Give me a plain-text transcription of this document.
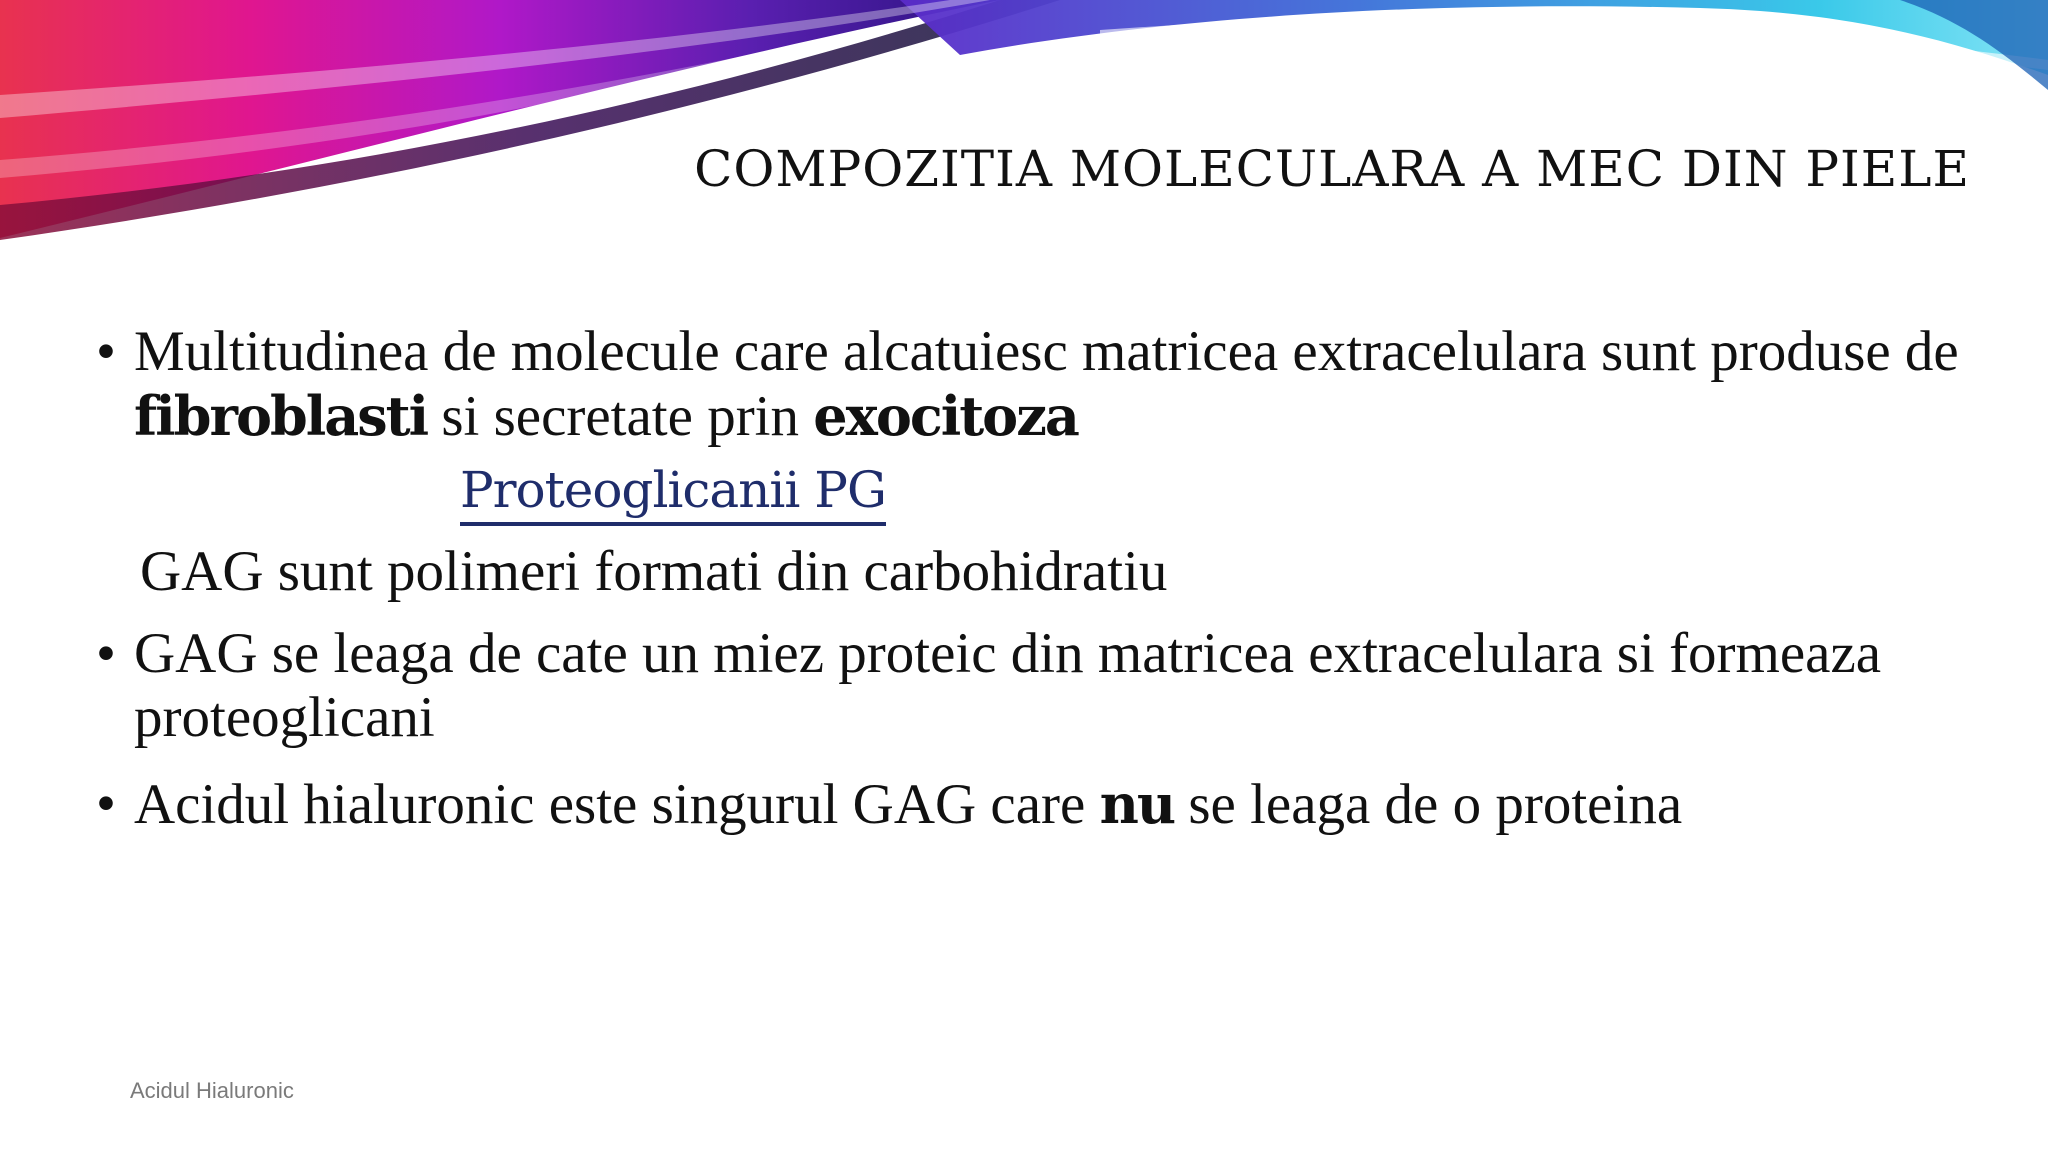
COMPOZITIA MOLECULARA A MEC DIN PIELE
• Multitudinea de molecule care alcatuiesc matricea extracelulara sunt produse de fibroblasti si secretate prin exocitoza
Proteoglicanii PG
GAG sunt polimeri formati din carbohidratiu
• GAG se leaga de cate un miez proteic din matricea extracelulara si formeaza proteoglicani
• Acidul hialuronic este singurul GAG care nu se leaga de o proteina
Acidul Hialuronic
